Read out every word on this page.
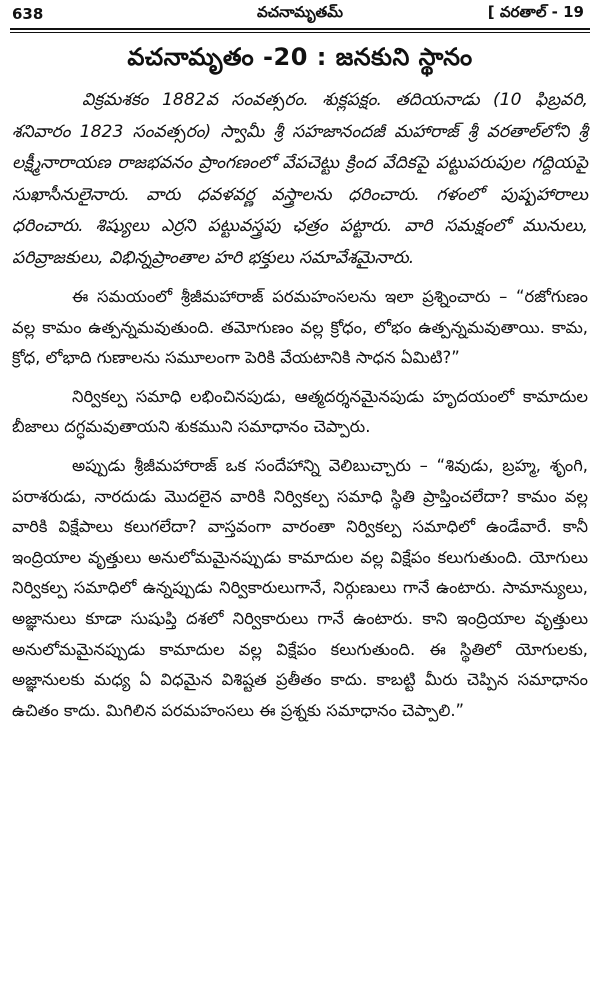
638	వచనామృతమ్	[ వరతాల్ - 19
వచనామృతం -20 : జనకుని స్థానం

విక్రమశకం 1882వ సంవత్సరం. శుక్లపక్షం. తదియనాడు (10 ఫిబ్రవరి, శనివారం 1823 సంవత్సరం) స్వామీ శ్రీ సహజానందజీ మహారాజ్ శ్రీ వరతాల్‌లోని శ్రీ లక్ష్మీనారాయణ రాజభవనం ప్రాంగణంలో వేపచెట్టు క్రింద వేదికపై పట్టుపరుపుల గద్దియపై సుఖాసీనులైనారు. వారు ధవళవర్ణ వస్త్రాలను ధరించారు. గళంలో పుష్పహారాలు ధరించారు. శిష్యులు ఎర్రని పట్టువస్త్రపు ఛత్రం పట్టారు. వారి సమక్షంలో మునులు, పరివ్రాజకులు, విభిన్నప్రాంతాల హరి భక్తులు సమావేశమైనారు.

ఈ సమయంలో శ్రీజీమహారాజ్ పరమహంసలను ఇలా ప్రశ్నించారు – “రజోగుణం వల్ల కామం ఉత్పన్నమవుతుంది. తమోగుణం వల్ల క్రోధం, లోభం ఉత్పన్నమవుతాయి. కామ, క్రోధ, లోభాది గుణాలను సమూలంగా పెరికి వేయటానికి సాధన ఏమిటి?”

నిర్వికల్ప సమాధి లభించినపుడు, ఆత్మదర్శనమైనపుడు హృదయంలో కామాదుల బీజాలు దగ్ధమవుతాయని శుకముని సమాధానం చెప్పారు.

అప్పుడు శ్రీజీమహారాజ్ ఒక సందేహాన్ని వెలిబుచ్చారు – “శివుడు, బ్రహ్మ, శృంగి, పరాశరుడు, నారదుడు మొదలైన వారికి నిర్వికల్ప సమాధి స్థితి ప్రాప్తించలేదా? కామం వల్ల వారికి విక్షేపాలు కలుగలేదా? వాస్తవంగా వారంతా నిర్వికల్ప సమాధిలో ఉండేవారే. కానీ ఇంద్రియాల వృత్తులు అనులోమమైనప్పుడు కామాదుల వల్ల విక్షేపం కలుగుతుంది. యోగులు నిర్వికల్ప సమాధిలో ఉన్నప్పుడు నిర్వికారులుగానే, నిర్గుణులు గానే ఉంటారు. సామాన్యులు, అజ్ఞానులు కూడా సుషుప్తి దశలో నిర్వికారులు గానే ఉంటారు. కాని ఇంద్రియాల వృత్తులు అనులోమమైనప్పుడు కామాదుల వల్ల విక్షేపం కలుగుతుంది. ఈ స్థితిలో యోగులకు, అజ్ఞానులకు మధ్య ఏ విధమైన విశిష్టత ప్రతీతం కాదు. కాబట్టి మీరు చెప్పిన సమాధానం ఉచితం కాదు. మిగిలిన పరమహంసలు ఈ ప్రశ్నకు సమాధానం చెప్పాలి.”
